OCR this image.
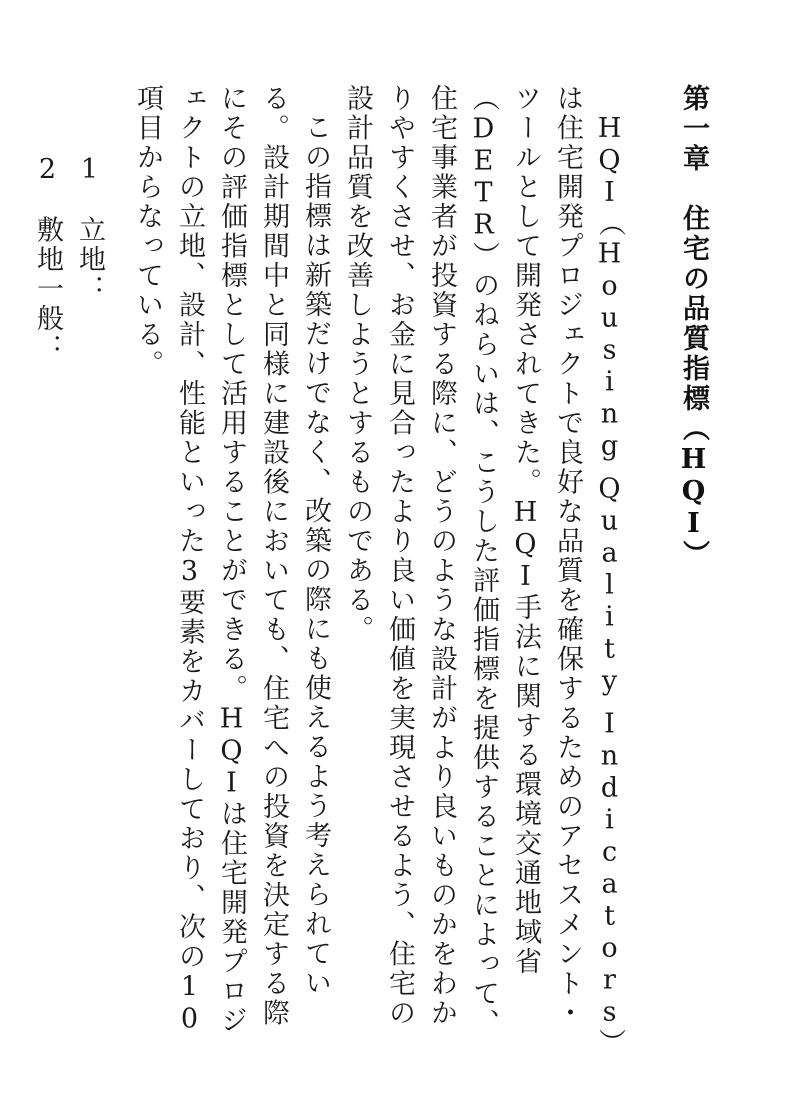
第一章　住宅の品質指標（HQI）

HQI（Housing Quality Indicators）は住宅開発プロジェクトで良好な品質を確保するためのアセスメント・ツールとして開発されてきた。HQI手法に関する環境交通地域省（DETR）のねらいは、こうした評価指標を提供することによって、住宅事業者が投資する際に、どうのような設計がより良いものかをわかりやすくさせ、お金に見合ったより良い価値を実現させるよう、住宅の設計品質を改善しようとするものである。

この指標は新築だけでなく、改築の際にも使えるよう考えられている。設計期間中と同様に建設後においても、住宅への投資を決定する際にその評価指標として活用することができる。HQIは住宅開発プロジェクトの立地、設計、性能といった3要素をカバーしており、次の10項目からなっている。

1　立地：
2　敷地一般：
